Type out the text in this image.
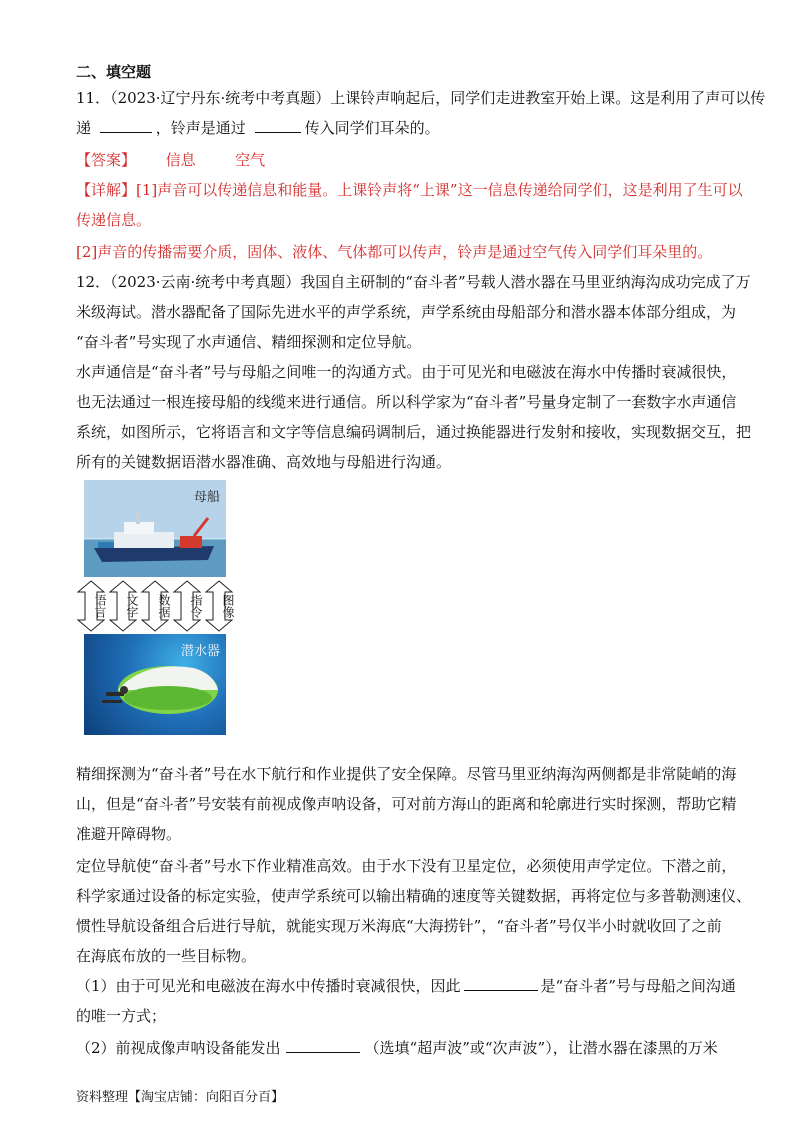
二、填空题
11．（2023·辽宁丹东·统考中考真题）上课铃声响起后，同学们走进教室开始上课。这是利用了声可以传
递	，铃声是通过	传入同学们耳朵的。
【答案】 信息	空气
【详解】[1]声音可以传递信息和能量。上课铃声将“上课”这一信息传递给同学们，这是利用了生可以
传递信息。
[2]声音的传播需要介质，固体、液体、气体都可以传声，铃声是通过空气传入同学们耳朵里的。
12．（2023·云南·统考中考真题）我国自主研制的“奋斗者”号载人潜水器在马里亚纳海沟成功完成了万
米级海试。潜水器配备了国际先进水平的声学系统，声学系统由母船部分和潜水器本体部分组成，为
“奋斗者”号实现了水声通信、精细探测和定位导航。
水声通信是“奋斗者”号与母船之间唯一的沟通方式。由于可见光和电磁波在海水中传播时衰减很快，
也无法通过一根连接母船的线缆来进行通信。所以科学家为“奋斗者”号量身定制了一套数字水声通信
系统，如图所示，它将语言和文字等信息编码调制后，通过换能器进行发射和接收，实现数据交互，把
所有的关键数据语潜水器准确、高效地与母船进行沟通。
母船
语言	文字	数据	指令	图像
潜水器
精细探测为“奋斗者”号在水下航行和作业提供了安全保障。尽管马里亚纳海沟两侧都是非常陡峭的海
山，但是“奋斗者”号安装有前视成像声呐设备，可对前方海山的距离和轮廓进行实时探测，帮助它精
准避开障碍物。
定位导航使“奋斗者”号水下作业精准高效。由于水下没有卫星定位，必须使用声学定位。下潜之前，
科学家通过设备的标定实验，使声学系统可以输出精确的速度等关键数据，再将定位与多普勒测速仪、
惯性导航设备组合后进行导航，就能实现万米海底“大海捞针”，“奋斗者”号仅半小时就收回了之前
在海底布放的一些目标物。
（1）由于可见光和电磁波在海水中传播时衰减很快，因此	是“奋斗者”号与母船之间沟通
的唯一方式；
（2）前视成像声呐设备能发出	（选填“超声波”或“次声波”），让潜水器在漆黑的万米
资料整理【淘宝店铺：向阳百分百】
